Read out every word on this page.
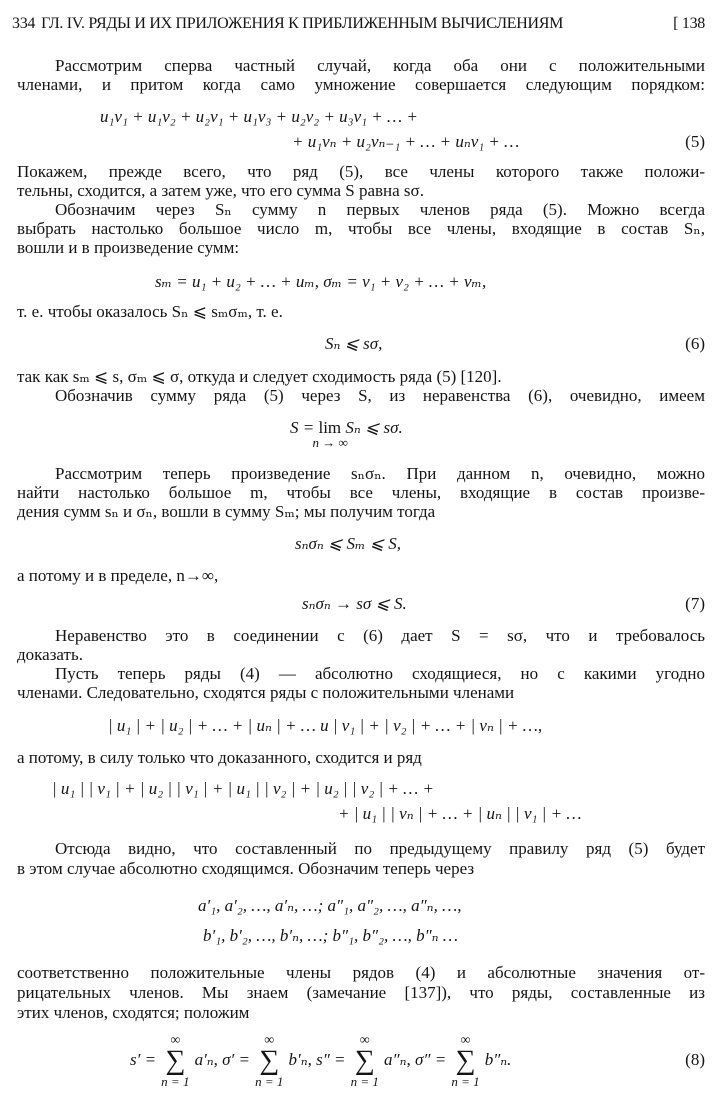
334 ГЛ. IV. РЯДЫ И ИХ ПРИЛОЖЕНИЯ К ПРИБЛИЖЕННЫМ ВЫЧИСЛЕНИЯМ	[ 138
Рассмотрим сперва частный случай, когда оба они с положительными
членами, и притом когда само умножение совершается следующим порядком:
u₁v₁ + u₁v₂ + u₂v₁ + u₁v₃ + u₂v₂ + u₃v₁ + … +
+ u₁vₙ + u₂vₙ₋₁ + … + uₙv₁ + …	(5)
Покажем, прежде всего, что ряд (5), все члены которого также положи-
тельны, сходится, а затем уже, что его сумма S равна sσ.
Обозначим через Sₙ сумму n первых членов ряда (5). Можно всегда
выбрать настолько большое число m, чтобы все члены, входящие в состав Sₙ,
вошли и в произведение сумм:
sₘ = u₁ + u₂ + … + uₘ, σₘ = v₁ + v₂ + … + vₘ,
т. е. чтобы оказалось Sₙ ⩽ sₘσₘ, т. е.
Sₙ ⩽ sσ,	(6)
так как sₘ ⩽ s, σₘ ⩽ σ, откуда и следует сходимость ряда (5) [120].
Обозначив сумму ряда (5) через S, из неравенства (6), очевидно, имеем
S = lim
n → ∞
Sₙ ⩽ sσ.
Рассмотрим теперь произведение sₙσₙ. При данном n, очевидно, можно
найти настолько большое m, чтобы все члены, входящие в состав произве-
дения сумм sₙ и σₙ, вошли в сумму Sₘ; мы получим тогда
sₙσₙ ⩽ Sₘ ⩽ S,
а потому и в пределе, n→∞,
sₙσₙ → sσ ⩽ S.	(7)
Неравенство это в соединении с (6) дает S = sσ, что и требовалось
доказать.
Пусть теперь ряды (4) — абсолютно сходящиеся, но с какими угодно
членами. Следовательно, сходятся ряды с положительными членами
| u₁ | + | u₂ | + … + | uₙ | + … и | v₁ | + | v₂ | + … + | vₙ | + …,
а потому, в силу только что доказанного, сходится и ряд
| u₁ | | v₁ | + | u₂ | | v₁ | + | u₁ | | v₂ | + | u₂ | | v₂ | + … +
+ | u₁ | | vₙ | + … + | uₙ | | v₁ | + …
Отсюда видно, что составленный по предыдущему правилу ряд (5) будет
в этом случае абсолютно сходящимся. Обозначим теперь через
a′₁, a′₂, …, a′ₙ, …; a″₁, a″₂, …, a″ₙ, …,
b′₁, b′₂, …, b′ₙ, …; b″₁, b″₂, …, b″ₙ …
соответственно положительные члены рядов (4) и абсолютные значения от-
рицательных членов. Мы знаем (замечание [137]), что ряды, составленные из
этих членов, сходятся; положим
s′ =
∞
∑
n = 1
a′ₙ, σ′ =
∞
∑
n = 1
b′ₙ, s″ =
∞
∑
n = 1
a″ₙ, σ″ =
∞
∑
n = 1
b″ₙ.	(8)
